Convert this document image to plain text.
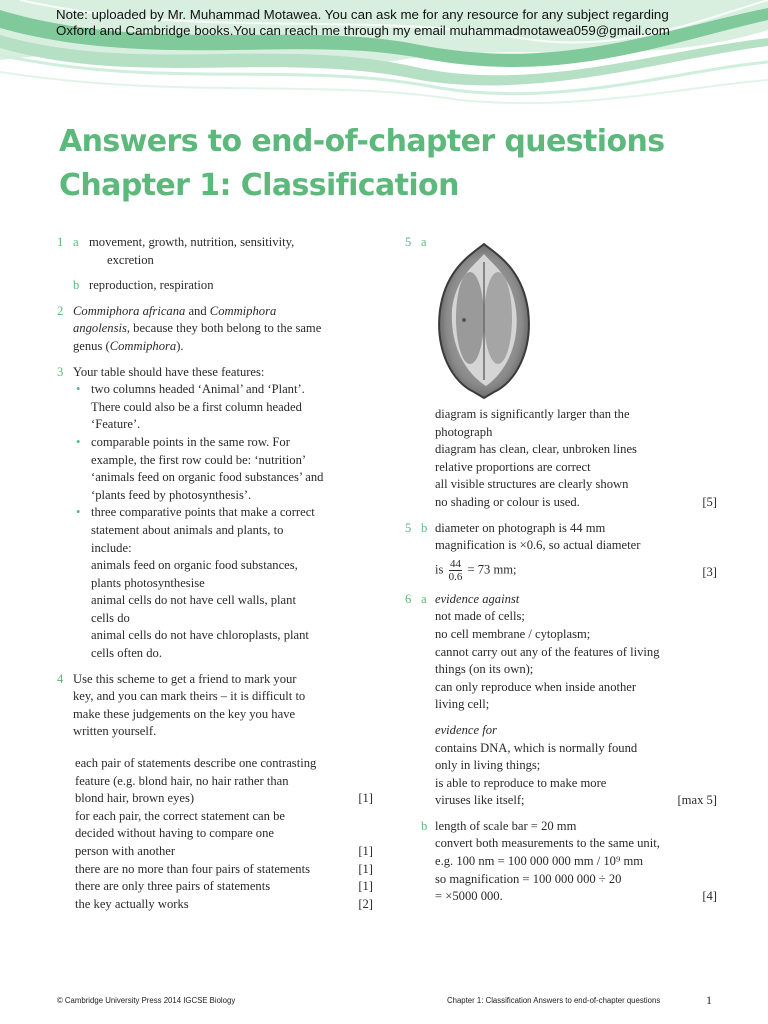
Note: uploaded by Mr. Muhammad Motawea. You can ask me for any resource for any subject regarding
Oxford and Cambridge books.You can reach me through my email muhammadmotawea059@gmail.com
Answers to end-of-chapter questions
Chapter 1: Classification
1 a movement, growth, nutrition, sensitivity,
excretion
b reproduction, respiration
2 Commiphora africana and Commiphora
angolensis, because they both belong to the same
genus (Commiphora).
3 Your table should have these features:
• two columns headed ‘Animal’ and ‘Plant’.
There could also be a first column headed
‘Feature’.
• comparable points in the same row. For
example, the first row could be: ‘nutrition’
‘animals feed on organic food substances’ and
‘plants feed by photosynthesis’.
• three comparative points that make a correct
statement about animals and plants, to
include:
animals feed on organic food substances,
plants photosynthesise
animal cells do not have cell walls, plant
cells do
animal cells do not have chloroplasts, plant
cells often do.
4 Use this scheme to get a friend to mark your
key, and you can mark theirs – it is difficult to
make these judgements on the key you have
written yourself.
each pair of statements describe one contrasting
feature (e.g. blond hair, no hair rather than
blond hair, brown eyes)	[1]
for each pair, the correct statement can be
decided without having to compare one
person with another	[1]
there are no more than four pairs of statements	[1]
there are only three pairs of statements	[1]
the key actually works	[2]
5 a
diagram is significantly larger than the
photograph
diagram has clean, clear, unbroken lines
relative proportions are correct
all visible structures are clearly shown
no shading or colour is used.	[5]
5 b diameter on photograph is 44 mm
magnification is ×0.6, so actual diameter
is $\frac{44}{0.6} = 73$ mm;	[3]
6 a evidence against
not made of cells;
no cell membrane / cytoplasm;
cannot carry out any of the features of living
things (on its own);
can only reproduce when inside another
living cell;
evidence for
contains DNA, which is normally found
only in living things;
is able to reproduce to make more
viruses like itself;	[max 5]
b length of scale bar = 20 mm
convert both measurements to the same unit,
e.g. 100 nm = 100 000 000 mm / 10⁹ mm
so magnification = 100 000 000 ÷ 20
= ×5000 000.	[4]
© Cambridge University Press 2014 IGCSE Biology	Chapter 1: Classification Answers to end-of-chapter questions	1
